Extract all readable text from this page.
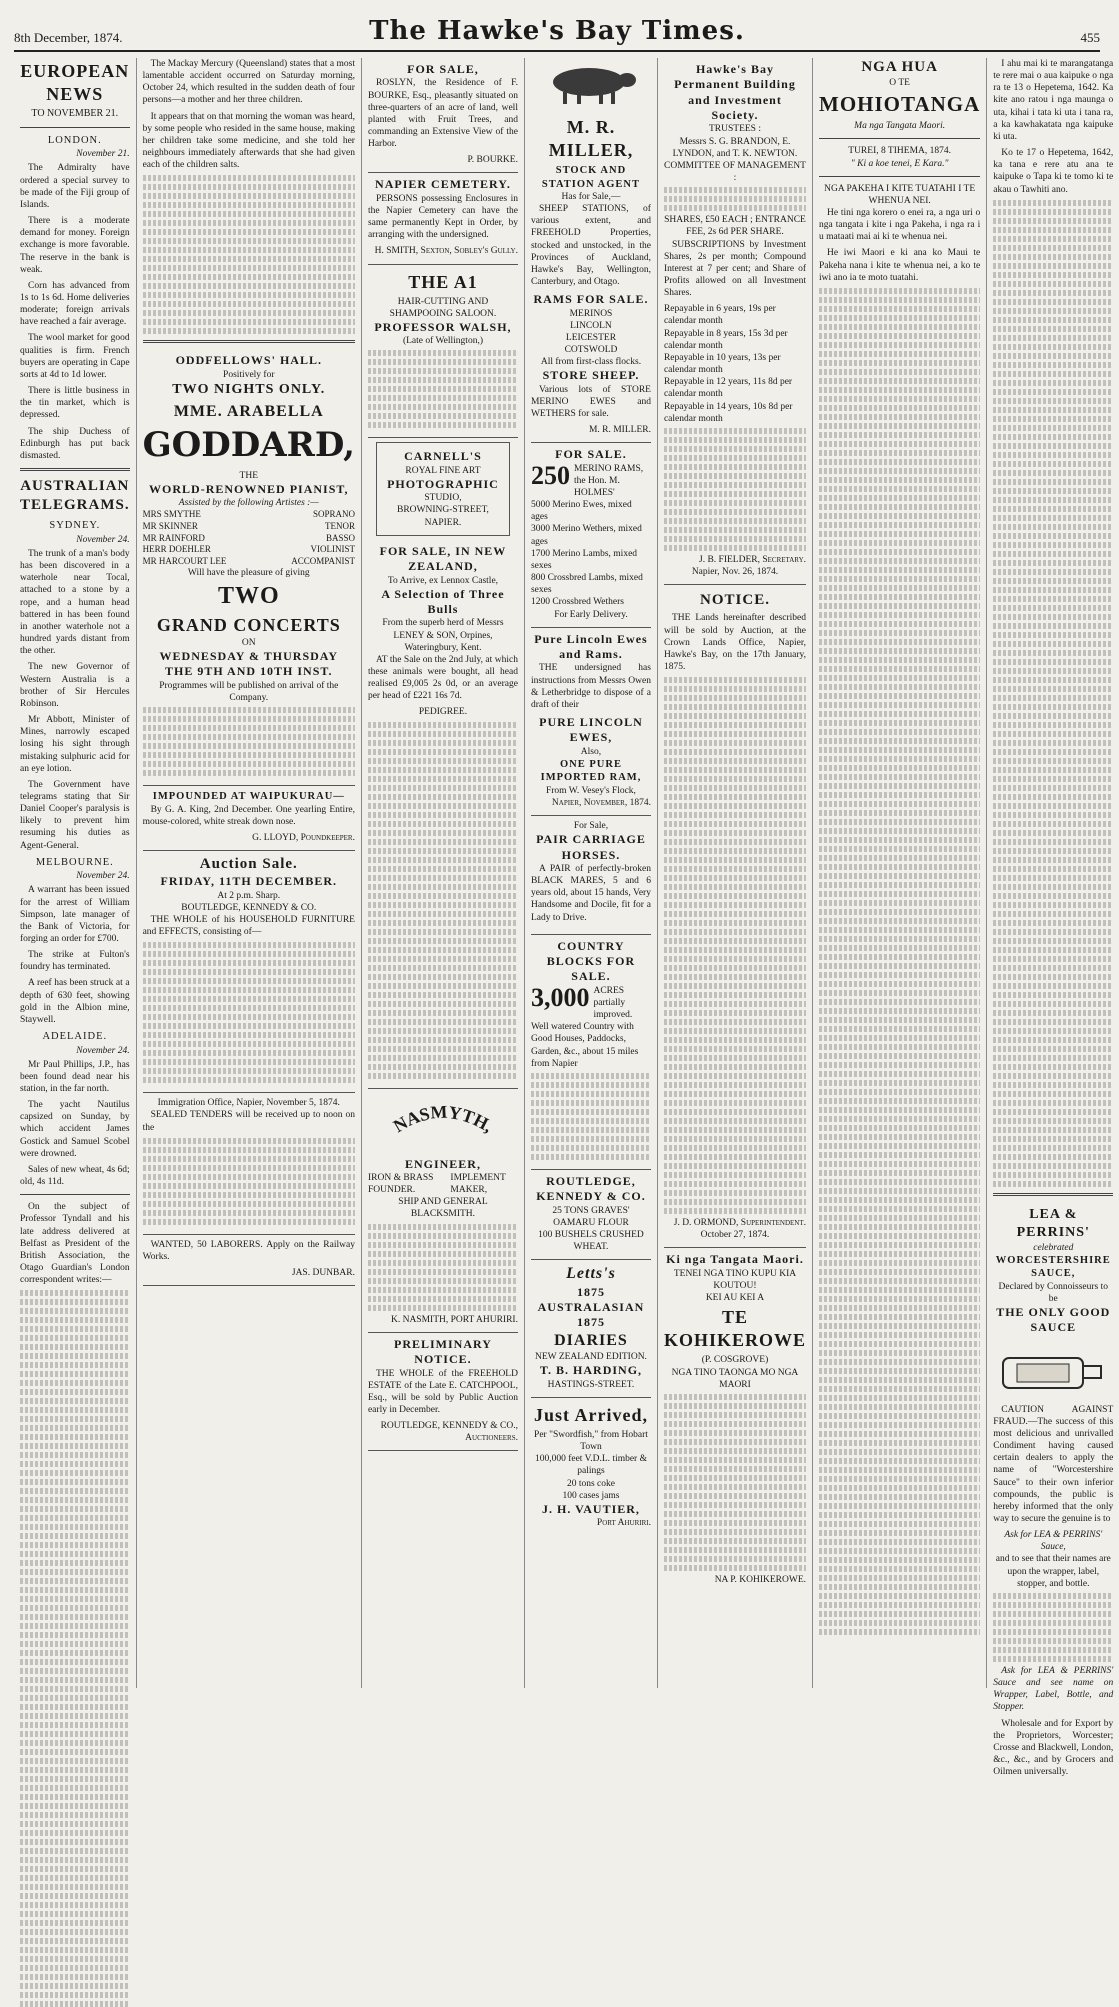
8th December, 1874.	The Hawke's Bay Times.	455
EUROPEAN NEWS
TO NOVEMBER 21.
LONDON.
November 21.

The Admiralty have ordered a special survey to be made of the Fiji group of Islands.

There is a moderate demand for money. Foreign exchange is more favorable. The reserve in the bank is weak.

Corn has advanced from 1s to 1s 6d. Home deliveries moderate; foreign arrivals have reached a fair average.

The wool market for good qualities is firm. French buyers are operating in Cape sorts at 4d to 1d lower.

There is little business in the tin market, which is depressed.

The ship Duchess of Edinburgh has put back dismasted.

AUSTRALIAN TELEGRAMS.
SYDNEY.
November 24.

The trunk of a man's body has been discovered in a waterhole near Tocal, attached to a stone by a rope, and a human head battered in has been found in another waterhole not a hundred yards distant from the other.

The new Governor of Western Australia is a brother of Sir Hercules Robinson.

Mr Abbott, Minister of Mines, narrowly escaped losing his sight through mistaking sulphuric acid for an eye lotion.

The Government have telegrams stating that Sir Daniel Cooper's paralysis is likely to prevent him resuming his duties as Agent-General.

MELBOURNE.
November 24.

A warrant has been issued for the arrest of William Simpson, late manager of the Bank of Victoria, for forging an order for £700.

The strike at Fulton's foundry has terminated.

A reef has been struck at a depth of 630 feet, showing gold in the Albion mine, Staywell.

ADELAIDE.
November 24.

Mr Paul Phillips, J.P., has been found dead near his station, in the far north.

The yacht Nautilus capsized on Sunday, by which accident James Gostick and Samuel Scobel were drowned.

Sales of new wheat, 4s 6d; old, 4s 11d.

On the subject of Professor Tyndall and his late address delivered at Belfast as President of the British Association, the Otago Guardian's London correspondent writes:—

The Mackay Mercury (Queensland) states that a most lamentable accident occurred on Saturday morning, October 24, which resulted in the sudden death of four persons—a mother and her three children.

It appears that on that morning the woman was heard, by some people who resided in the same house, making her children take some medicine, and she told her neighbours immediately afterwards that she had given each of the children salts.

ODDFELLOWS' HALL.
Positively for
TWO NIGHTS ONLY.
MME. ARABELLA
GODDARD,
THE
WORLD-RENOWNED PIANIST,
Assisted by the following Artistes :—
MRS SMYTHE	SOPRANO
MR SKINNER	TENOR
MR RAINFORD	BASSO
HERR DOEHLER	VIOLINIST
MR HARCOURT LEE	ACCOMPANIST
Will have the pleasure of giving
TWO
GRAND CONCERTS
ON
WEDNESDAY & THURSDAY
THE 9TH AND 10TH INST.
Programmes will be published on arrival of the Company.
IMPOUNDED AT WAIPUKURAU—

By G. A. King, 2nd December. One yearling Entire, mouse-colored, white streak down nose.

G. LLOYD, Poundkeeper.
Auction Sale.
FRIDAY, 11TH DECEMBER.
At 2 p.m. Sharp.
BOUTLEDGE, KENNEDY & CO.

THE WHOLE of his HOUSEHOLD FURNITURE and EFFECTS, consisting of—

Immigration Office, Napier, November 5, 1874.

SEALED TENDERS will be received up to noon on the

WANTED, 50 LABORERS. Apply on the Railway Works.

JAS. DUNBAR.
FOR SALE,

ROSLYN, the Residence of F. BOURKE, Esq., pleasantly situated on three-quarters of an acre of land, well planted with Fruit Trees, and commanding an Extensive View of the Harbor.

P. BOURKE.
NAPIER CEMETERY.

PERSONS possessing Enclosures in the Napier Cemetery can have the same permanently Kept in Order, by arranging with the undersigned.

H. SMITH, Sexton, Sobley's Gully.
THE A1
HAIR-CUTTING AND SHAMPOOING SALOON.
PROFESSOR WALSH,
(Late of Wellington,)
CARNELL'S
ROYAL FINE ART
PHOTOGRAPHIC
STUDIO,
BROWNING-STREET,
NAPIER.
FOR SALE, IN NEW ZEALAND,
To Arrive, ex Lennox Castle,
A Selection of Three Bulls
From the superb herd of Messrs LENEY & SON, Orpines, Wateringbury, Kent.

AT the Sale on the 2nd July, at which these animals were bought, all head realised £9,005 2s 0d, or an average per head of £221 16s 7d.

PEDIGREE.
NASMYTH,
ENGINEER,
IRON & BRASS FOUNDER.
IMPLEMENT MAKER,
SHIP AND GENERAL BLACKSMITH.
K. NASMITH, PORT AHURIRI.
PRELIMINARY NOTICE.

THE WHOLE of the FREEHOLD ESTATE of the Late E. CATCHPOOL, Esq., will be sold by Public Auction early in December.

ROUTLEDGE, KENNEDY & CO., Auctioneers.
M. R. MILLER,
STOCK AND STATION AGENT
Has for Sale,—

SHEEP STATIONS, of various extent, and FREEHOLD Properties, stocked and unstocked, in the Provinces of Auckland, Hawke's Bay, Wellington, Canterbury, and Otago.

RAMS FOR SALE.
MERINOS
LINCOLN
LEICESTER
COTSWOLD
All from first-class flocks.
STORE SHEEP.

Various lots of STORE MERINO EWES and WETHERS for sale.

M. R. MILLER.
FOR SALE.
250 MERINO RAMS, the Hon. M. HOLMES'
5000 Merino Ewes, mixed ages
3000 Merino Wethers, mixed ages
1700 Merino Lambs, mixed sexes
800 Crossbred Lambs, mixed sexes
1200 Crossbred Wethers
For Early Delivery.
Pure Lincoln Ewes and Rams.

THE undersigned has instructions from Messrs Owen & Letherbridge to dispose of a draft of their

PURE LINCOLN EWES,
Also,
ONE PURE IMPORTED RAM,
From W. Vesey's Flock,
Napier, November, 1874.
For Sale,
PAIR CARRIAGE HORSES.

A PAIR of perfectly-broken BLACK MARES, 5 and 6 years old, about 15 hands, Very Handsome and Docile, fit for a Lady to Drive.

COUNTRY BLOCKS FOR SALE.
3,000 ACRES partially improved. Well watered Country with Good Houses, Paddocks, Garden, &c., about 15 miles from Napier
ROUTLEDGE, KENNEDY & CO.
25 TONS GRAVES' OAMARU FLOUR
100 BUSHELS CRUSHED WHEAT.
Letts's
1875 AUSTRALASIAN 1875
DIARIES
NEW ZEALAND EDITION.
T. B. HARDING,
HASTINGS-STREET.
Just Arrived,
Per "Swordfish," from Hobart Town
100,000 feet V.D.L. timber & palings
20 tons coke
100 cases jams
J. H. VAUTIER,
Port Ahuriri.
Hawke's Bay Permanent Building and Investment Society.
TRUSTEES :
Messrs S. G. BRANDON, E. LYNDON, and T. K. NEWTON.
COMMITTEE OF MANAGEMENT :
SHARES, £50 EACH ; ENTRANCE FEE, 2s 6d PER SHARE.

SUBSCRIPTIONS by Investment Shares, 2s per month; Compound Interest at 7 per cent; and Share of Profits allowed on all Investment Shares.

Repayable in 6 years, 19s per calendar month
Repayable in 8 years, 15s 3d per calendar month
Repayable in 10 years, 13s per calendar month
Repayable in 12 years, 11s 8d per calendar month
Repayable in 14 years, 10s 8d per calendar month
J. B. FIELDER, Secretary.
Napier, Nov. 26, 1874.
NOTICE.

THE Lands hereinafter described will be sold by Auction, at the Crown Lands Office, Napier, Hawke's Bay, on the 17th January, 1875.

J. D. ORMOND, Superintendent.
October 27, 1874.
Ki nga Tangata Maori.
TENEI NGA TINO KUPU KIA KOUTOU!
KEI AU KEI A
TE KOHIKEROWE
(P. COSGROVE)
NGA TINO TAONGA MO NGA MAORI
NA P. KOHIKEROWE.
NGA HUA
O TE
MOHIOTANGA
Ma nga Tangata Maori.
TUREI, 8 TIHEMA, 1874.
" Ki a koe tenei, E Kara."
NGA PAKEHA I KITE TUATAHI I TE WHENUA NEI.

He tini nga korero o enei ra, a nga uri o nga tangata i kite i nga Pakeha, i nga ra i u mataati mai ai ki te whenua nei.

He iwi Maori e ki ana ko Maui te Pakeha nana i kite te whenua nei, a ko te iwi ano ia te moto tuatahi.

I ahu mai ki te marangatanga te rere mai o aua kaipuke o nga ra te 13 o Hepetema, 1642. Ka kite ano ratou i nga maunga o uta, kihai i tata ki uta i tana ra, a ka kawhakatata nga kaipuke ki uta.

Ko te 17 o Hepetema, 1642, ka tana e rere atu ana te kaipuke o Tapa ki te tomo ki te akau o Tawhiti ano.

LEA & PERRINS'
celebrated
WORCESTERSHIRE SAUCE,
Declared by Connoisseurs to be
THE ONLY GOOD SAUCE

CAUTION AGAINST FRAUD.—The success of this most delicious and unrivalled Condiment having caused certain dealers to apply the name of "Worcestershire Sauce" to their own inferior compounds, the public is hereby informed that the only way to secure the genuine is to

Ask for LEA & PERRINS' Sauce,
and to see that their names are upon the wrapper, label, stopper, and bottle.

Ask for LEA & PERRINS' Sauce and see name on Wrapper, Label, Bottle, and Stopper.

Wholesale and for Export by the Proprietors, Worcester; Crosse and Blackwell, London, &c., &c., and by Grocers and Oilmen universally.
